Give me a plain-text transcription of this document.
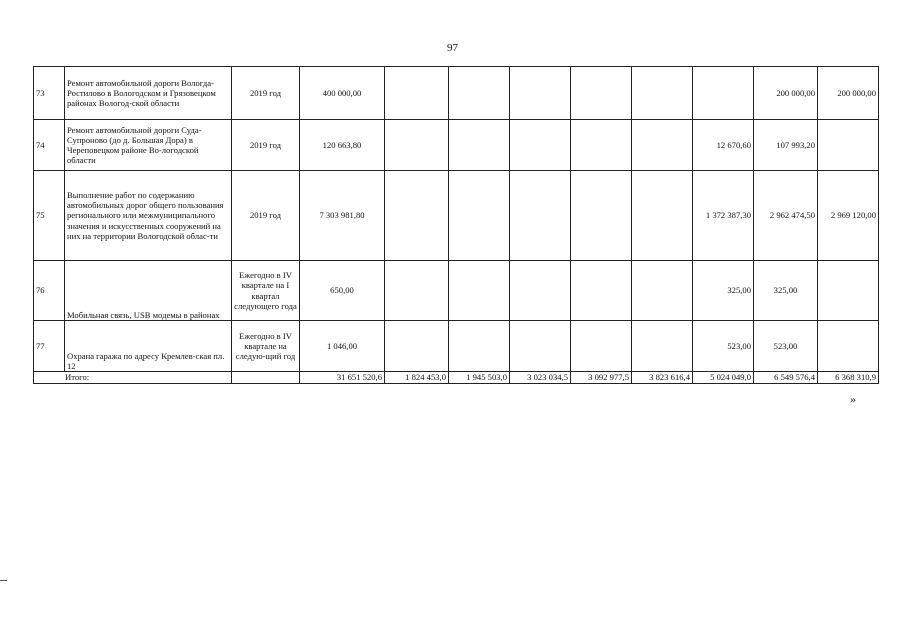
97
73	Ремонт автомобильной дороги Вологда-Ростилово в Вологодском и Грязовецком районах Вологод-ской области	2019 год	400 000,00							200 000,00	200 000,00
74	Ремонт автомобильной дороги Суда-Супроново (до д. Большая Дора) в Череповецком районе Во-логодской области	2019 год	120 663,80						12 670,60	107 993,20	
75	Выполнение работ по содержанию автомобильных дорог общего пользования регионального или межмуниципального значения и искусственных сооружений на них на территории Вологодской облас-ти	2019 год	7 303 981,80						1 372 387,30	2 962 474,50	2 969 120,00
76	Мобильная связь, USB модемы в районах	Ежегодно в IV квартале на I квартал следующего года	650,00						325,00	325,00	
77	Охрана гаража по адресу Кремлев-ская пл. 12	Ежегодно в IV квартале на следую-щий год	1 046,00						523,00	523,00	
Итого:			31 651 520,6	1 824 453,0	1 945 503,0	3 023 034,5	3 092 977,5	3 823 616,4	5 024 049,0	6 549 576,4	6 368 310,9
»
